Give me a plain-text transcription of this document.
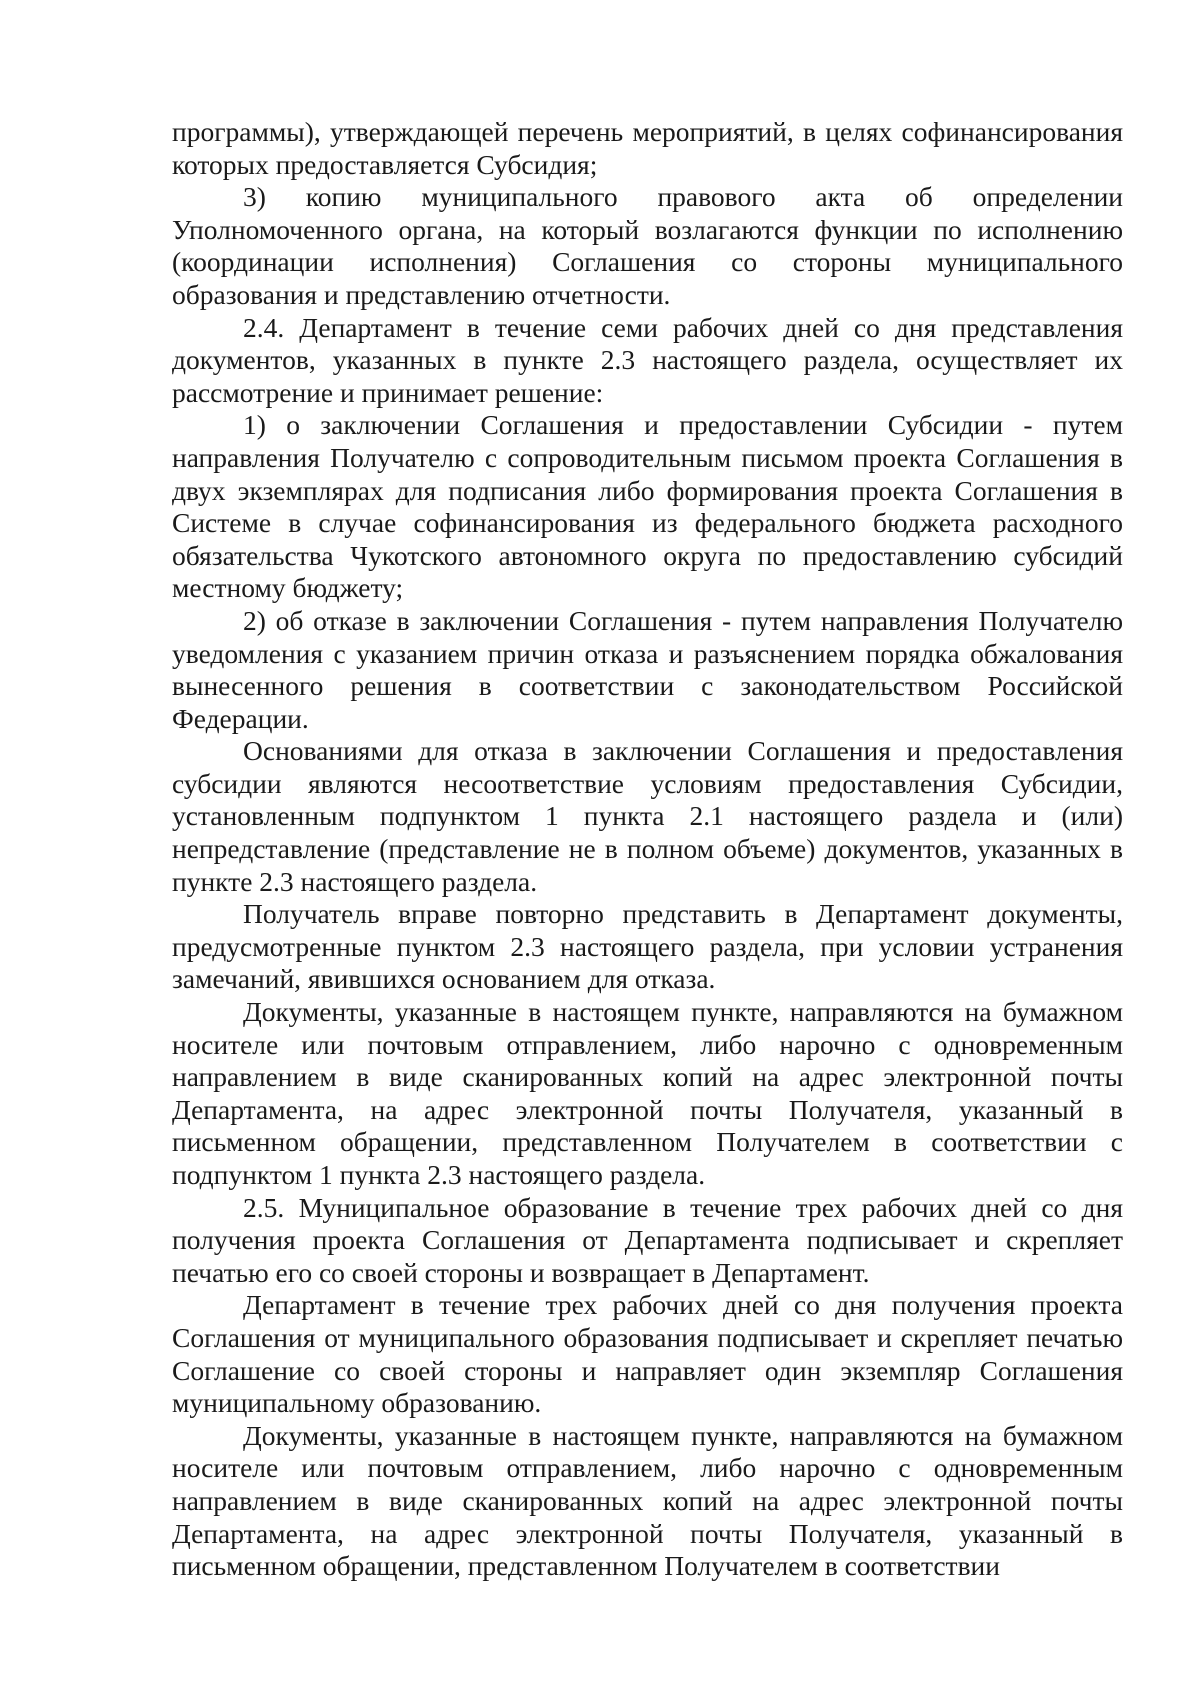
программы), утверждающей перечень мероприятий, в целях софинансирования которых предоставляется Субсидия;

3) копию муниципального правового акта об определении Уполномоченного органа, на который возлагаются функции по исполнению (координации исполнения) Соглашения со стороны муниципального образования и представлению отчетности.

2.4. Департамент в течение семи рабочих дней со дня представления документов, указанных в пункте 2.3 настоящего раздела, осуществляет их рассмотрение и принимает решение:

1) о заключении Соглашения и предоставлении Субсидии - путем направления Получателю с сопроводительным письмом проекта Соглашения в двух экземплярах для подписания либо формирования проекта Соглашения в Системе в случае софинансирования из федерального бюджета расходного обязательства Чукотского автономного округа по предоставлению субсидий местному бюджету;

2) об отказе в заключении Соглашения - путем направления Получателю уведомления с указанием причин отказа и разъяснением порядка обжалования вынесенного решения в соответствии с законодательством Российской Федерации.

Основаниями для отказа в заключении Соглашения и предоставления субсидии являются несоответствие условиям предоставления Субсидии, установленным подпунктом 1 пункта 2.1 настоящего раздела и (или) непредставление (представление не в полном объеме) документов, указанных в пункте 2.3 настоящего раздела.

Получатель вправе повторно представить в Департамент документы, предусмотренные пунктом 2.3 настоящего раздела, при условии устранения замечаний, явившихся основанием для отказа.

Документы, указанные в настоящем пункте, направляются на бумажном носителе или почтовым отправлением, либо нарочно с одновременным направлением в виде сканированных копий на адрес электронной почты Департамента, на адрес электронной почты Получателя, указанный в письменном обращении, представленном Получателем в соответствии с подпунктом 1 пункта 2.3 настоящего раздела.

2.5. Муниципальное образование в течение трех рабочих дней со дня получения проекта Соглашения от Департамента подписывает и скрепляет печатью его со своей стороны и возвращает в Департамент.

Департамент в течение трех рабочих дней со дня получения проекта Соглашения от муниципального образования подписывает и скрепляет печатью Соглашение со своей стороны и направляет один экземпляр Соглашения муниципальному образованию.

Документы, указанные в настоящем пункте, направляются на бумажном носителе или почтовым отправлением, либо нарочно с одновременным направлением в виде сканированных копий на адрес электронной почты Департамента, на адрес электронной почты Получателя, указанный в письменном обращении, представленном Получателем в соответствии
